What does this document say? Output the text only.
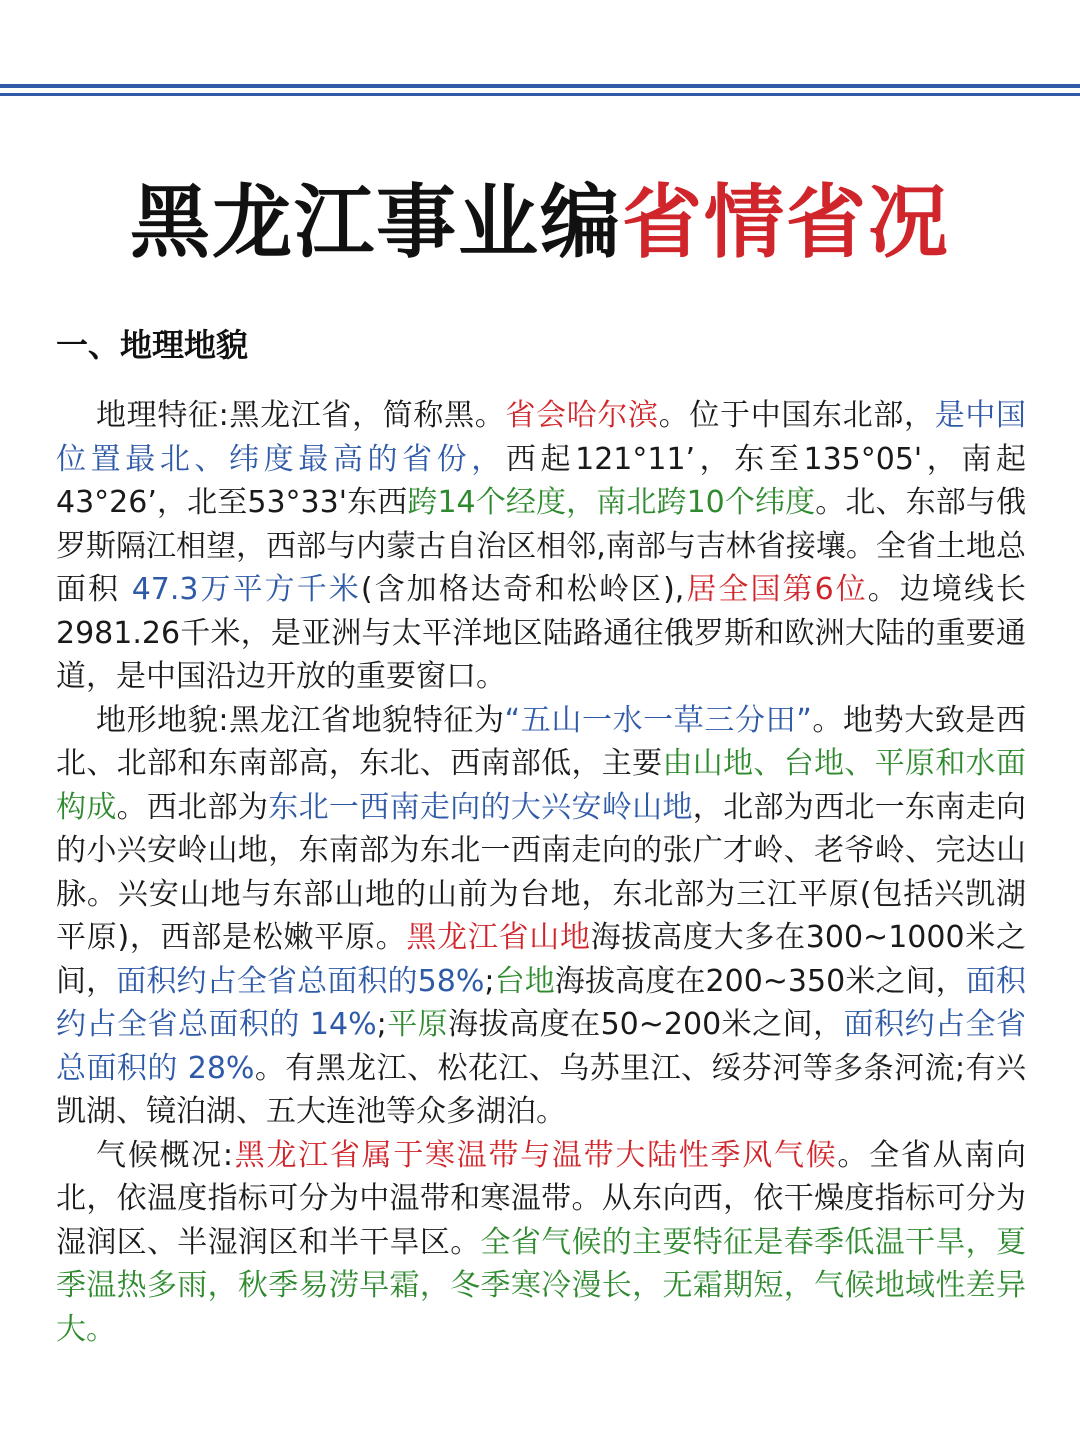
黑龙江事业编省情省况
一、地理地貌

地理特征:黑龙江省，简称黑。省会哈尔滨。位于中国东北部，是中国位置最北、纬度最高的省份，西起121°11’，东至135°05'，南起43°26’，北至53°33'东西跨14个经度，南北跨10个纬度。北、东部与俄罗斯隔江相望，西部与内蒙古自治区相邻,南部与吉林省接壤。全省土地总面积 47.3万平方千米(含加格达奇和松岭区),居全国第6位。边境线长2981.26千米，是亚洲与太平洋地区陆路通往俄罗斯和欧洲大陆的重要通道，是中国沿边开放的重要窗口。

地形地貌:黑龙江省地貌特征为“五山一水一草三分田”。地势大致是西北、北部和东南部高，东北、西南部低，主要由山地、台地、平原和水面构成。西北部为东北一西南走向的大兴安岭山地，北部为西北一东南走向的小兴安岭山地，东南部为东北一西南走向的张广才岭、老爷岭、完达山脉。兴安山地与东部山地的山前为台地，东北部为三江平原(包括兴凯湖平原)，西部是松嫩平原。黑龙江省山地海拔高度大多在300~1000米之间，面积约占全省总面积的58%;台地海拔高度在200~350米之间，面积约占全省总面积的 14%;平原海拔高度在50~200米之间，面积约占全省总面积的 28%。有黑龙江、松花江、乌苏里江、绥芬河等多条河流;有兴凯湖、镜泊湖、五大连池等众多湖泊。

气候概况:黑龙江省属于寒温带与温带大陆性季风气候。全省从南向北，依温度指标可分为中温带和寒温带。从东向西，依干燥度指标可分为湿润区、半湿润区和半干旱区。全省气候的主要特征是春季低温干旱，夏季温热多雨，秋季易涝早霜，冬季寒冷漫长，无霜期短，气候地域性差异大。
